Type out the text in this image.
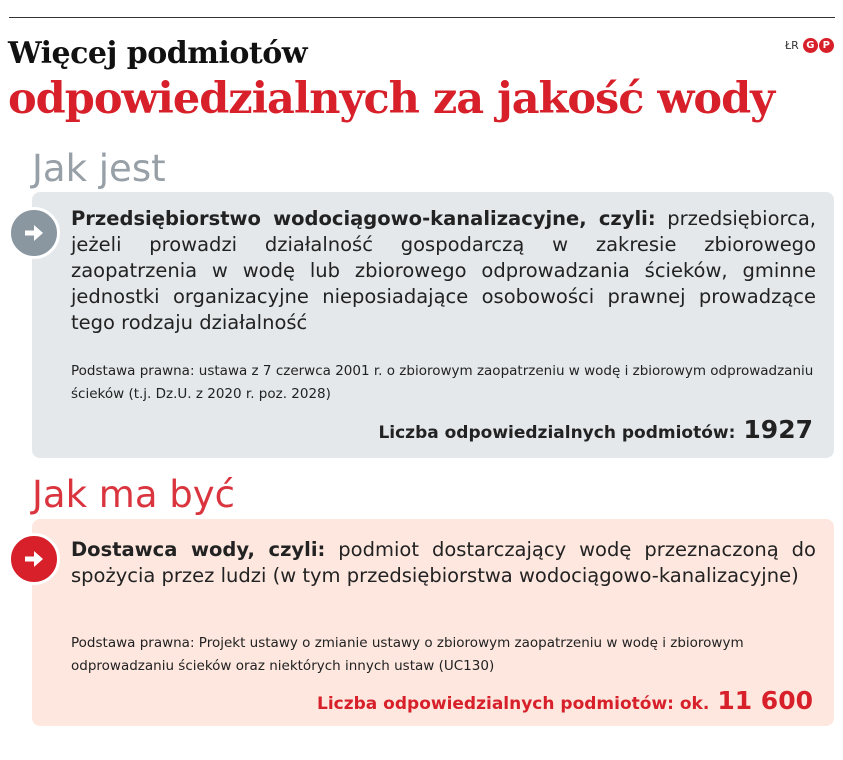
Więcej podmiotów
odpowiedzialnych za jakość wody
ŁR G P
Jak jest

Przedsiębiorstwo wodociągowo-kanalizacyjne, czyli: przedsiębiorca, jeżeli prowadzi działalność gospodarczą w zakresie zbiorowego zaopatrzenia w wodę lub zbiorowego odprowadzania ścieków, gminne jednostki organizacyjne nieposiadające osobowości prawnej prowadzące tego rodzaju działalność

Podstawa prawna: ustawa z 7 czerwca 2001 r. o zbiorowym zaopatrzeniu w wodę i zbiorowym odprowadzaniu ścieków (t.j. Dz.U. z 2020 r. poz. 2028)

Liczba odpowiedzialnych podmiotów: 1927

Jak ma być

Dostawca wody, czyli: podmiot dostarczający wodę przeznaczoną do spożycia przez ludzi (w tym przedsiębiorstwa wodociągowo-kanalizacyjne)

Podstawa prawna: Projekt ustawy o zmianie ustawy o zbiorowym zaopatrzeniu w wodę i zbiorowym odprowadzaniu ścieków oraz niektórych innych ustaw (UC130)

Liczba odpowiedzialnych podmiotów: ok. 11 600
